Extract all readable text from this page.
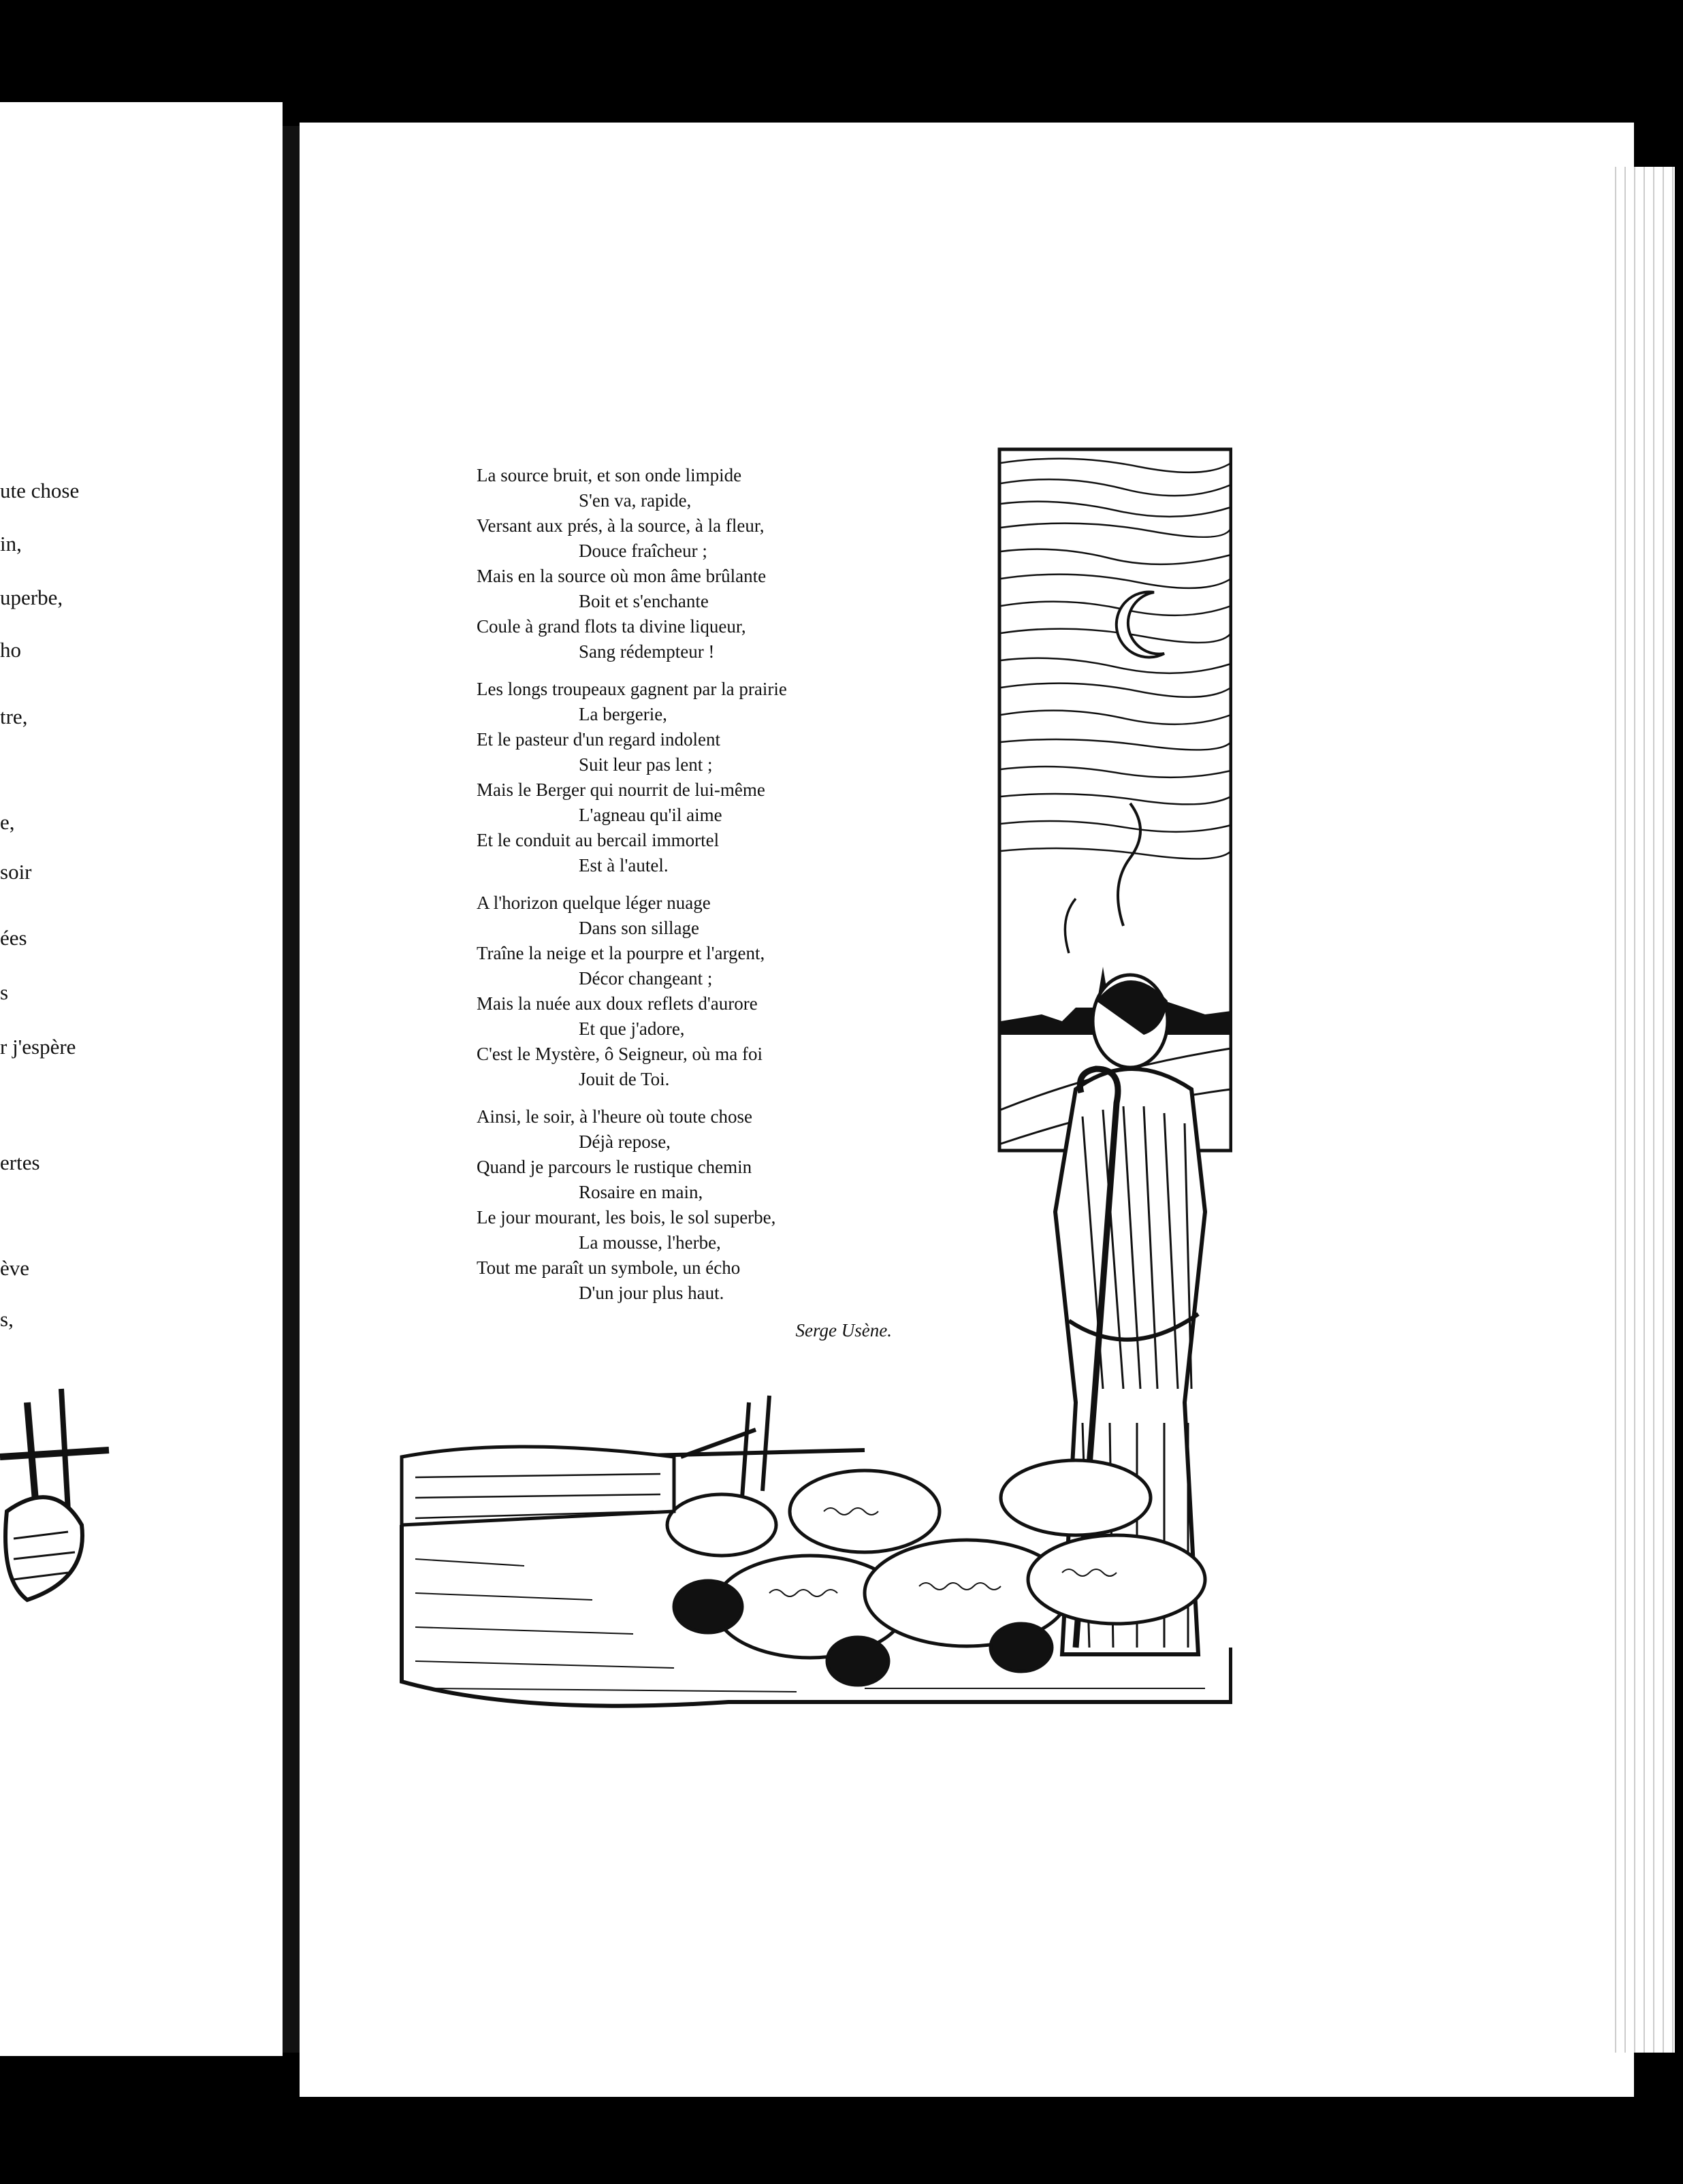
ute chose

in,

uperbe,

ho

tre,

e,

soir

ées

s

r j'espère

ertes

ève

s,

La source bruit, et son onde limpide
S'en va, rapide,
Versant aux prés, à la source, à la fleur,
Douce fraîcheur ;
Mais en la source où mon âme brûlante
Boit et s'enchante
Coule à grand flots ta divine liqueur,
Sang rédempteur !
Les longs troupeaux gagnent par la prairie
La bergerie,
Et le pasteur d'un regard indolent
Suit leur pas lent ;
Mais le Berger qui nourrit de lui-même
L'agneau qu'il aime
Et le conduit au bercail immortel
Est à l'autel.
A l'horizon quelque léger nuage
Dans son sillage
Traîne la neige et la pourpre et l'argent,
Décor changeant ;
Mais la nuée aux doux reflets d'aurore
Et que j'adore,
C'est le Mystère, ô Seigneur, où ma foi
Jouit de Toi.
Ainsi, le soir, à l'heure où toute chose
Déjà repose,
Quand je parcours le rustique chemin
Rosaire en main,
Le jour mourant, les bois, le sol superbe,
La mousse, l'herbe,
Tout me paraît un symbole, un écho
D'un jour plus haut.
Serge Usène.
